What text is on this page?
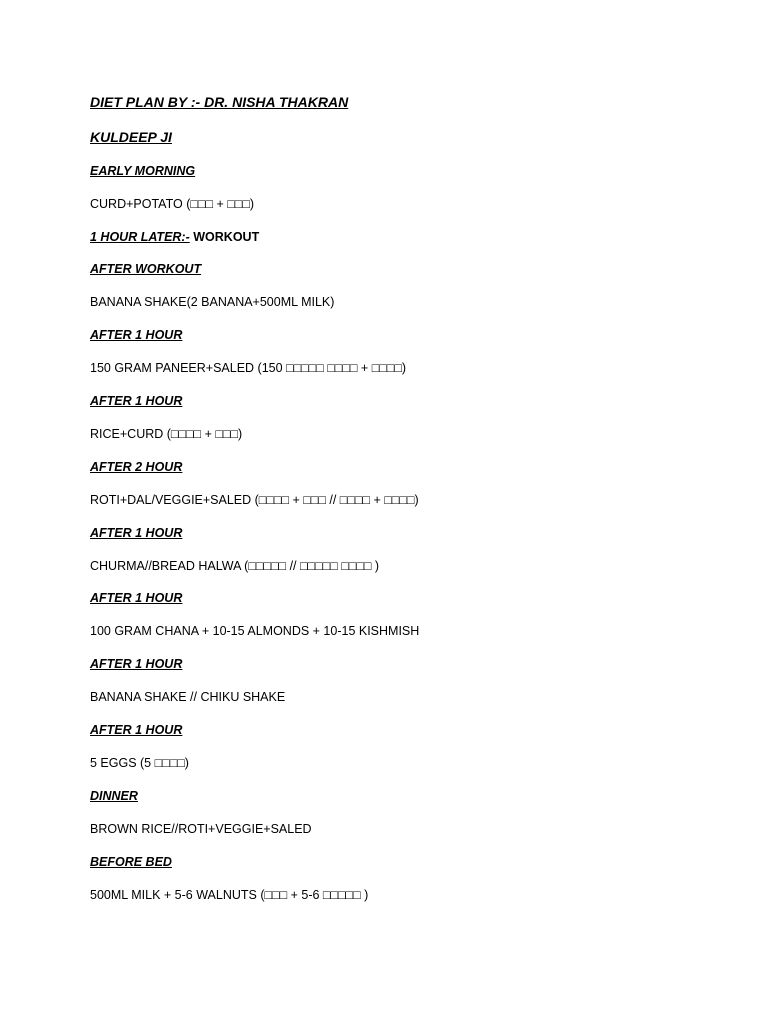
DIET PLAN BY :- DR. NISHA THAKRAN
KULDEEP JI
EARLY MORNING
CURD+POTATO (□□□ + □□□)
1 HOUR LATER:- WORKOUT
AFTER WORKOUT
BANANA SHAKE(2 BANANA+500ML MILK)
AFTER 1 HOUR
150 GRAM PANEER+SALED (150 □□□□□ □□□□ + □□□□)
AFTER 1 HOUR
RICE+CURD (□□□□ + □□□)
AFTER 2 HOUR
ROTI+DAL/VEGGIE+SALED (□□□□ + □□□ // □□□□ + □□□□)
AFTER 1 HOUR
CHURMA//BREAD HALWA (□□□□□ // □□□□□ □□□□ )
AFTER 1 HOUR
100 GRAM CHANA + 10-15 ALMONDS + 10-15 KISHMISH
AFTER 1 HOUR
BANANA SHAKE // CHIKU SHAKE
AFTER 1 HOUR
5 EGGS (5 □□□□)
DINNER
BROWN RICE//ROTI+VEGGIE+SALED
BEFORE BED
500ML MILK + 5-6 WALNUTS (□□□ + 5-6 □□□□□ )
